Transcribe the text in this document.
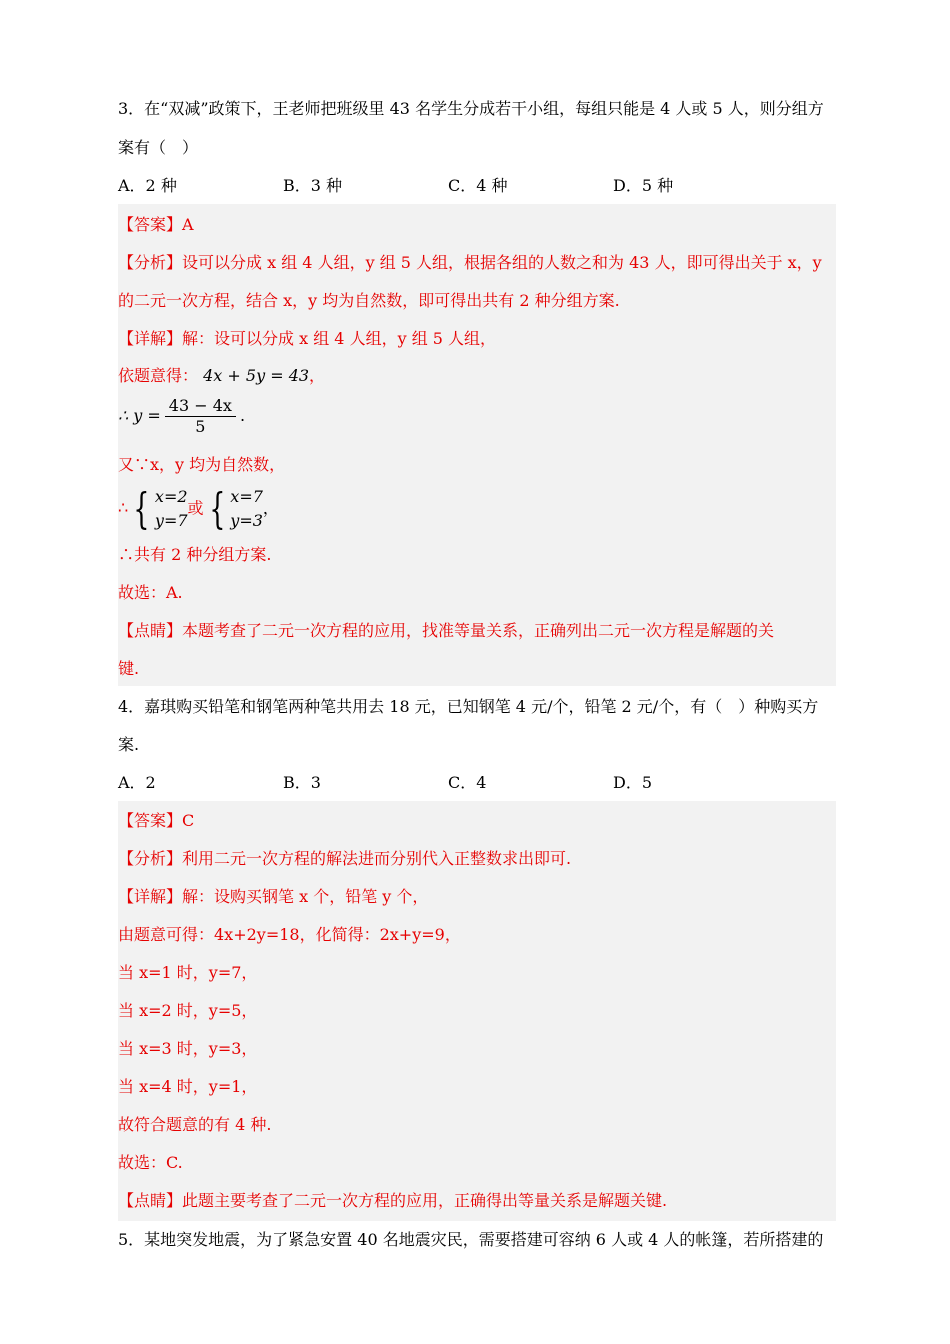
3．在“双减”政策下，王老师把班级里 43 名学生分成若干小组，每组只能是 4 人或 5 人，则分组方
案有（　）
A．2 种	B．3 种	C．4 种	D．5 种
【答案】A
【分析】设可以分成 x 组 4 人组，y 组 5 人组，根据各组的人数之和为 43 人，即可得出关于 x，y
的二元一次方程，结合 x，y 均为自然数，即可得出共有 2 种分组方案.
【详解】解：设可以分成 x 组 4 人组，y 组 5 人组，
依题意得： 4x + 5y = 43，
∴ $y = \frac{43 - 4x}{5}$ .
又∵x，y 均为自然数，
∴ { x=2
y=7
或 { x=7
y=3
，
∴共有 2 种分组方案.
故选：A.
【点睛】本题考查了二元一次方程的应用，找准等量关系，正确列出二元一次方程是解题的关
键.
4．嘉琪购买铅笔和钢笔两种笔共用去 18 元，已知钢笔 4 元/个，铅笔 2 元/个，有（　）种购买方
案.
A．2	B．3	C．4	D．5
【答案】C
【分析】利用二元一次方程的解法进而分别代入正整数求出即可.
【详解】解：设购买钢笔 x 个，铅笔 y 个，
由题意可得：4x+2y=18，化简得：2x+y=9，
当 x=1 时，y=7，
当 x=2 时，y=5，
当 x=3 时，y=3，
当 x=4 时，y=1，
故符合题意的有 4 种.
故选：C.
【点睛】此题主要考查了二元一次方程的应用，正确得出等量关系是解题关键.
5．某地突发地震，为了紧急安置 40 名地震灾民，需要搭建可容纳 6 人或 4 人的帐篷，若所搭建的
